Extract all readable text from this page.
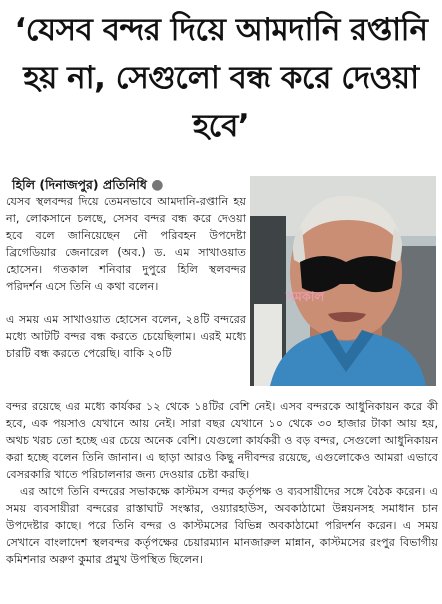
‘যেসব বন্দর দিয়ে আমদানি রপ্তানি হয় না, সেগুলো বন্ধ করে দেওয়া হবে’
হিলি (দিনাজপুর) প্রতিনিধি ●

যেসব স্থলবন্দর দিয়ে তেমনভাবে আমদানি-রপ্তানি হয় না, লোকসানে চলছে, সেসব বন্দর বন্ধ করে দেওয়া হবে বলে জানিয়েছেন নৌ পরিবহন উপদেষ্টা ব্রিগেডিয়ার জেনারেল (অব.) ড. এম সাখাওয়াত হোসেন। গতকাল শনিবার দুপুরে হিলি স্থলবন্দর পরিদর্শন এসে তিনি এ কথা বলেন।

এ সময় এম সাখাওয়াত হোসেন বলেন, ২৪টি বন্দরের মধ্যে আটটি বন্দর বন্ধ করতে চেয়েছিলাম। এরই মধ্যে চারটি বন্ধ করতে পেরেছি। বাকি ২০টি

সমকাল

বন্দর রয়েছে এর মধ্যে কার্যকর ১২ থেকে ১৪টির বেশি নেই। এসব বন্দরকে আধুনিকায়ন করে কী হবে, এক পয়সাও যেখানে আয় নেই। সারা বছর যেখানে ১০ থেকে ৩০ হাজার টাকা আয় হয়, অথচ খরচ তো হচ্ছে এর চেয়ে অনেক বেশি। যেগুলো কার্যকরী ও বড় বন্দর, সেগুলো আধুনিকায়ন করা হচ্ছে বলেন তিনি জানান। এ ছাড়া আরও কিছু নদীবন্দর রয়েছে, এগুলোকেও আমরা এভাবে বেসরকারি খাতে পরিচালনার জন্য দেওয়ার চেষ্টা করছি।

এর আগে তিনি বন্দরের সভাকক্ষে কাস্টমস বন্দর কর্তৃপক্ষ ও ব্যবসায়ীদের সঙ্গে বৈঠক করেন। এ সময় ব্যবসায়ীরা বন্দরের রাস্তাঘাট সংস্কার, ওয়্যারহাউস, অবকাঠামো উন্নয়নসহ সমাধান চান উপদেষ্টার কাছে। পরে তিনি বন্দর ও কাস্টমসের বিভিন্ন অবকাঠামো পরিদর্শন করেন। এ সময় সেখানে বাংলাদেশ স্থলবন্দর কর্তৃপক্ষের চেয়ারম্যান মানজারুল মান্নান, কাস্টমসের রংপুর বিভাগীয় কমিশনার অরুণ কুমার প্রমুখ উপস্থিত ছিলেন।
